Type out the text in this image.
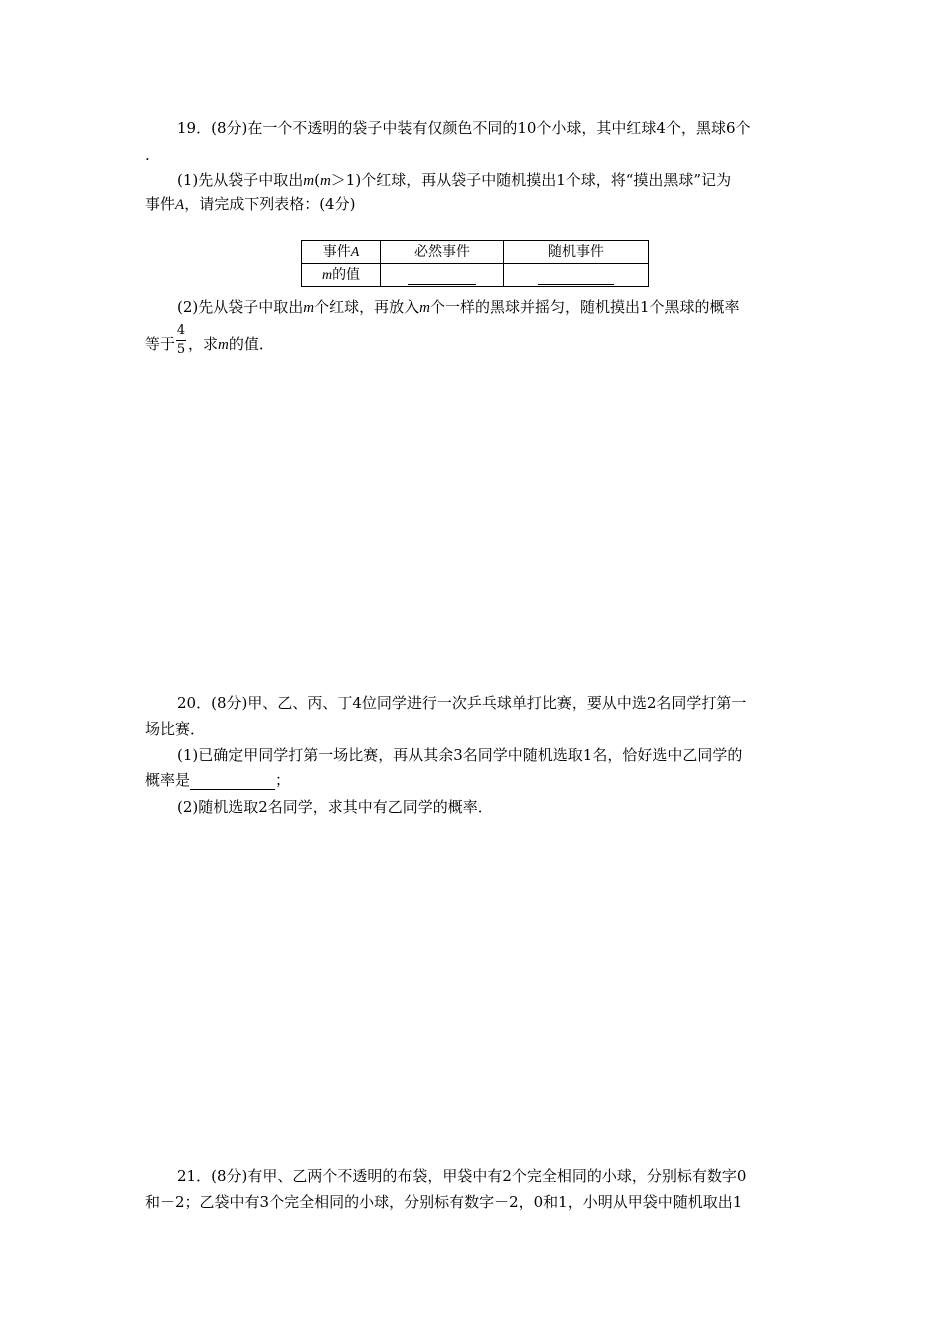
19．(8分)在一个不透明的袋子中装有仅颜色不同的10个小球，其中红球4个，黑球6个
.
(1)先从袋子中取出m(m＞1)个红球，再从袋子中随机摸出1个球，将“摸出黑球”记为
事件A，请完成下列表格：(4分)
事件A	必然事件	随机事件
m的值		
(2)先从袋子中取出m个红球，再放入m个一样的黑球并摇匀，随机摸出1个黑球的概率
等于 $\frac{4}{5}$ ，求m的值．
20．(8分)甲、乙、丙、丁4位同学进行一次乒乓球单打比赛，要从中选2名同学打第一
场比赛．
(1)已确定甲同学打第一场比赛，再从其余3名同学中随机选取1名，恰好选中乙同学的
概率是	；
(2)随机选取2名同学，求其中有乙同学的概率．
21．(8分)有甲、乙两个不透明的布袋，甲袋中有2个完全相同的小球，分别标有数字0
和－2；乙袋中有3个完全相同的小球，分别标有数字－2，0和1，小明从甲袋中随机取出1
